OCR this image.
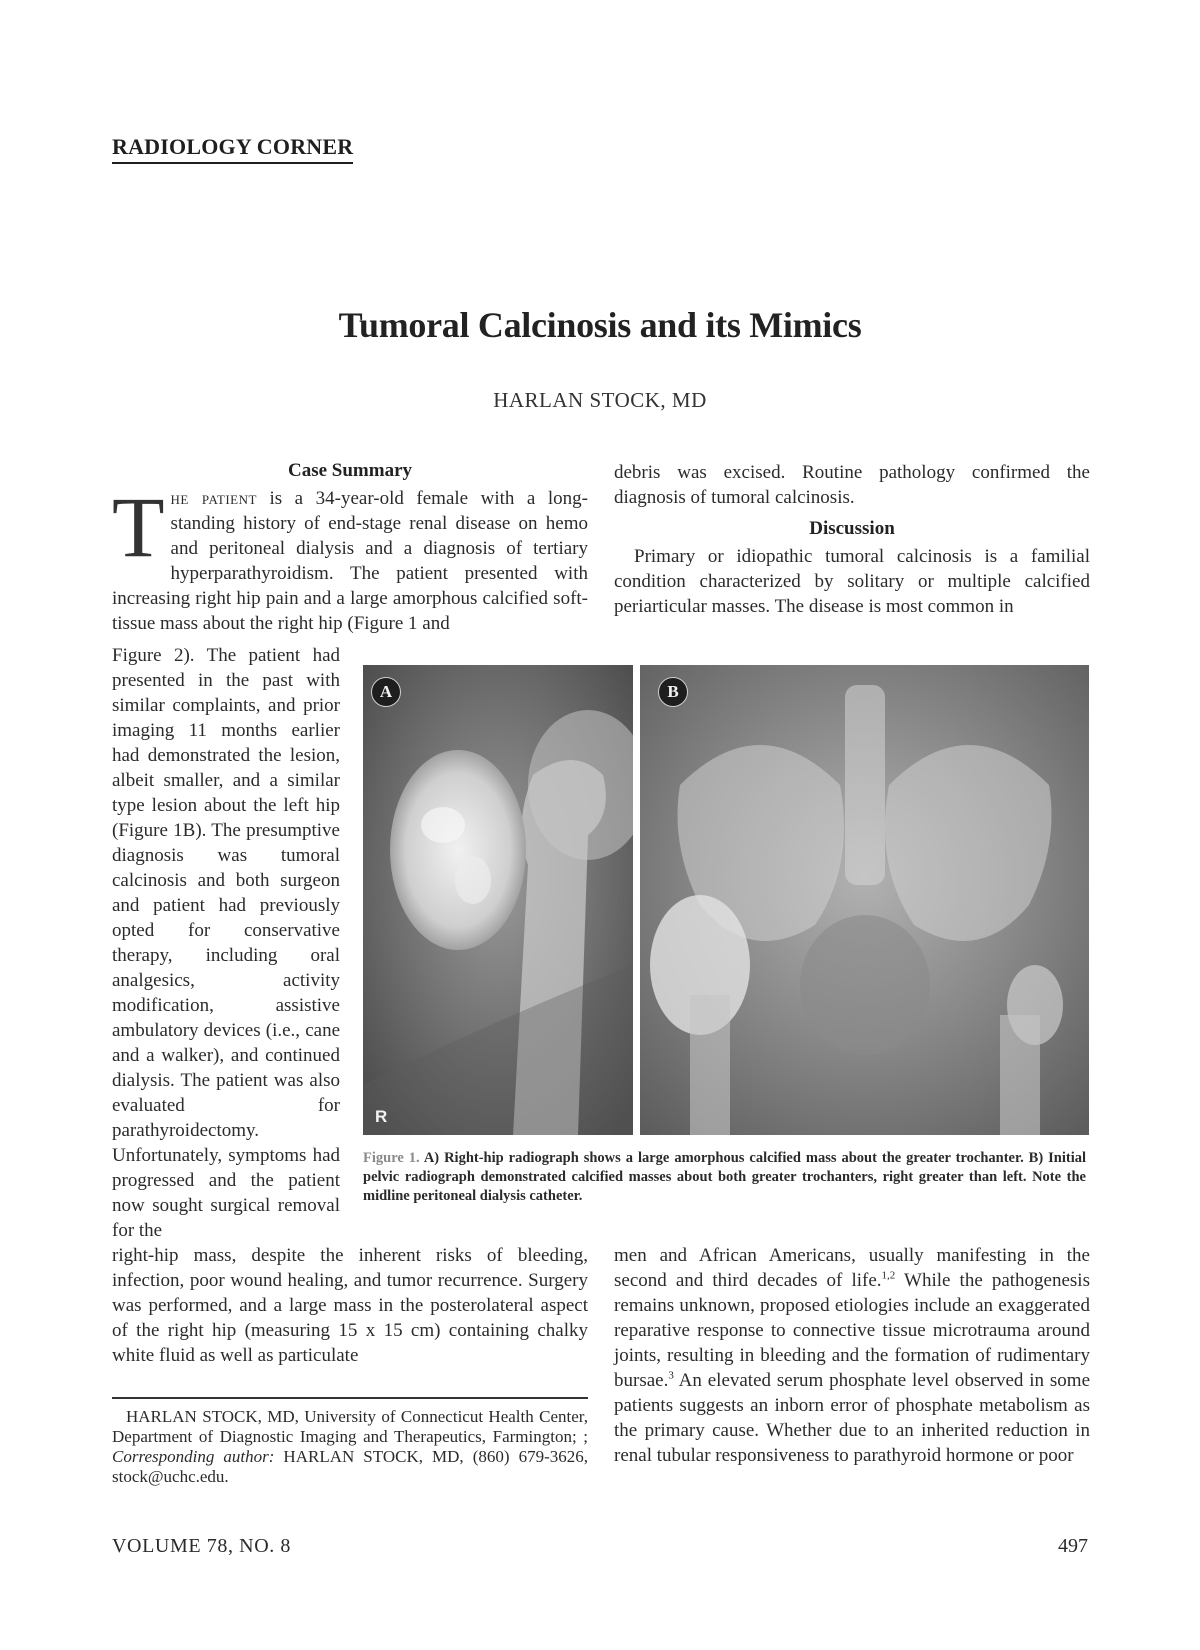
RADIOLOGY CORNER
Tumoral Calcinosis and its Mimics
HARLAN STOCK, MD
Case Summary
T he patient is a 34-year-old female with a long-standing history of end-stage renal disease on hemo and peritoneal dialysis and a diagnosis of tertiary hyperparathyroidism. The patient presented with increasing right hip pain and a large amorphous calcified soft-tissue mass about the right hip (Figure 1 and
Figure 2). The patient had presented in the past with similar complaints, and prior imaging 11 months earlier had demonstrated the lesion, albeit smaller, and a similar type lesion about the left hip (Figure 1B). The presumptive diagnosis was tumoral calcinosis and both surgeon and patient had previously opted for conservative therapy, including oral analgesics, activity modification, assistive ambulatory devices (i.e., cane and a walker), and continued dialysis. The patient was also evaluated for parathyroidectomy. Unfortunately, symptoms had progressed and the patient now sought surgical removal for the
right-hip mass, despite the inherent risks of bleeding, infection, poor wound healing, and tumor recurrence. Surgery was performed, and a large mass in the posterolateral aspect of the right hip (measuring 15 x 15 cm) containing chalky white fluid as well as particulate
debris was excised. Routine pathology confirmed the diagnosis of tumoral calcinosis.
Discussion
Primary or idiopathic tumoral calcinosis is a familial condition characterized by solitary or multiple calcified periarticular masses. The disease is most common in
A
R
B
Figure 1. A) Right-hip radiograph shows a large amorphous calcified mass about the greater trochanter. B) Initial pelvic radiograph demonstrated calcified masses about both greater trochanters, right greater than left. Note the midline peritoneal dialysis catheter.
men and African Americans, usually manifesting in the second and third decades of life.$^{1,2}$ While the pathogenesis remains unknown, proposed etiologies include an exaggerated reparative response to connective tissue microtrauma around joints, resulting in bleeding and the formation of rudimentary bursae.$^3$ An elevated serum phosphate level observed in some patients suggests an inborn error of phosphate metabolism as the primary cause. Whether due to an inherited reduction in renal tubular responsiveness to parathyroid hormone or poor
HARLAN STOCK, MD, University of Connecticut Health Center, Department of Diagnostic Imaging and Therapeutics, Farmington; ; Corresponding author: HARLAN STOCK, MD, (860) 679-3626, stock@uchc.edu.
VOLUME 78, NO. 8	497
